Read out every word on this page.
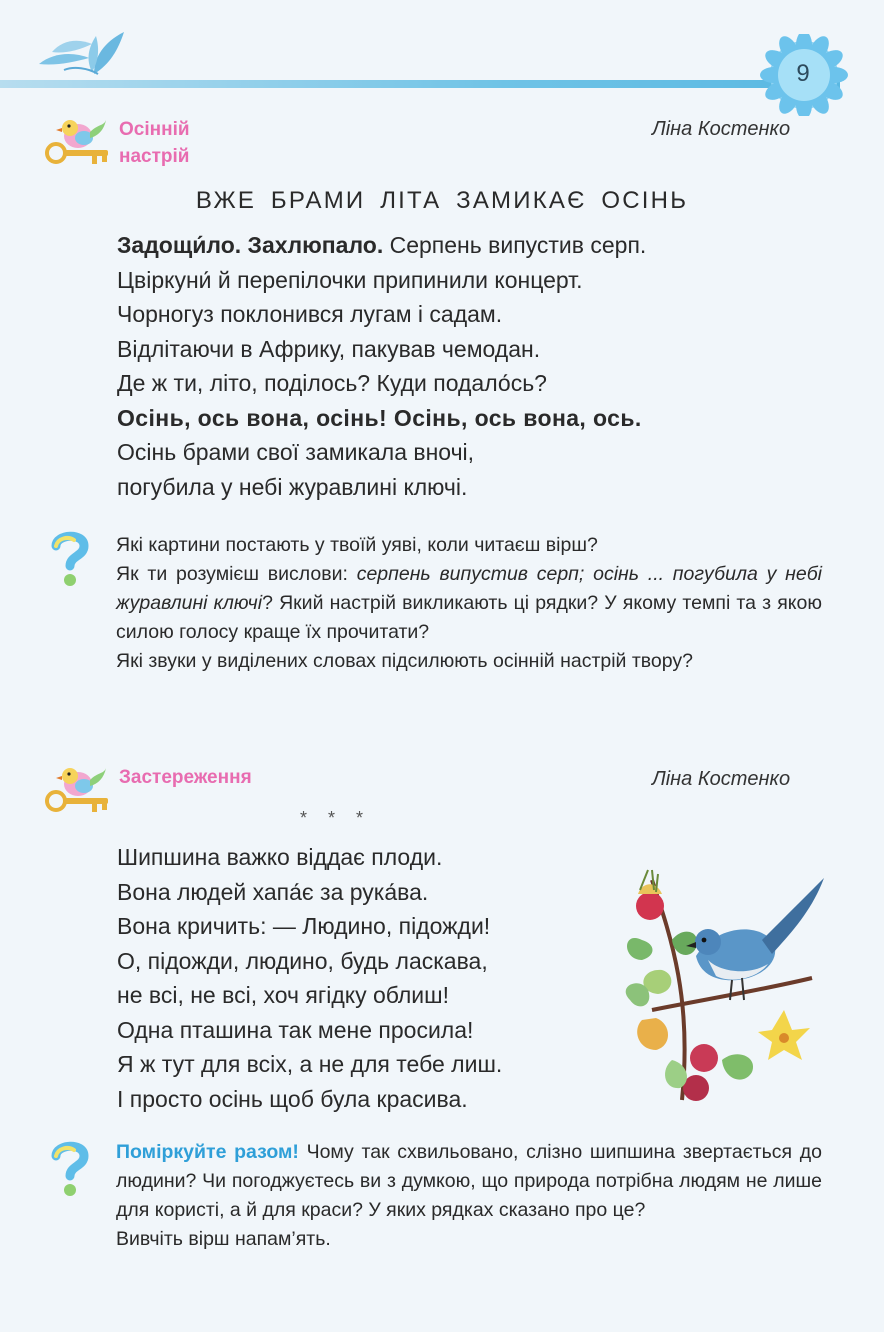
9
Осінній
настрій
Ліна Костенко
ВЖЕ БРАМИ ЛІТА ЗАМИКАЄ ОСІНЬ
Задощи́ло. Захлюпало. Серпень випустив серп.
Цвіркуни́ й перепілочки припинили концерт.
Чорногуз поклонився лугам і садам.
Відлітаючи в Африку, пакував чемодан.
Де ж ти, літо, поділось? Куди подало́сь?
Осінь, ось вона, осінь! Осінь, ось вона, ось.
Осінь брами свої замикала вночі,
погубила у небі журавлині ключі.

Які картини постають у твоїй уяві, коли читаєш вірш?

Як ти розумієш вислови: серпень випустив серп; осінь ... погубила у небі журавлині ключі? Який настрій викликають ці рядки? У якому темпі та з якою силою голосу краще їх прочитати?

Які звуки у виділених словах підсилюють осінній настрій твору?

Застереження	Ліна Костенко
* * *
Шипшина важко віддає плоди.
Вона людей хапа́є за рука́ва.
Вона кричить: — Людино, підожди!
О, підожди, людино, будь ласкава,
не всі, не всі, хоч ягідку облиш!
Одна пташина так мене просила!
Я ж тут для всіх, а не для тебе лиш.
І просто осінь щоб була красива.

Поміркуйте разом! Чому так схвильовано, слізно шипшина звертається до людини? Чи погоджуєтесь ви з думкою, що природа потрібна людям не лише для користі, а й для краси? У яких рядках сказано про це?

Вивчіть вірш напам’ять.
